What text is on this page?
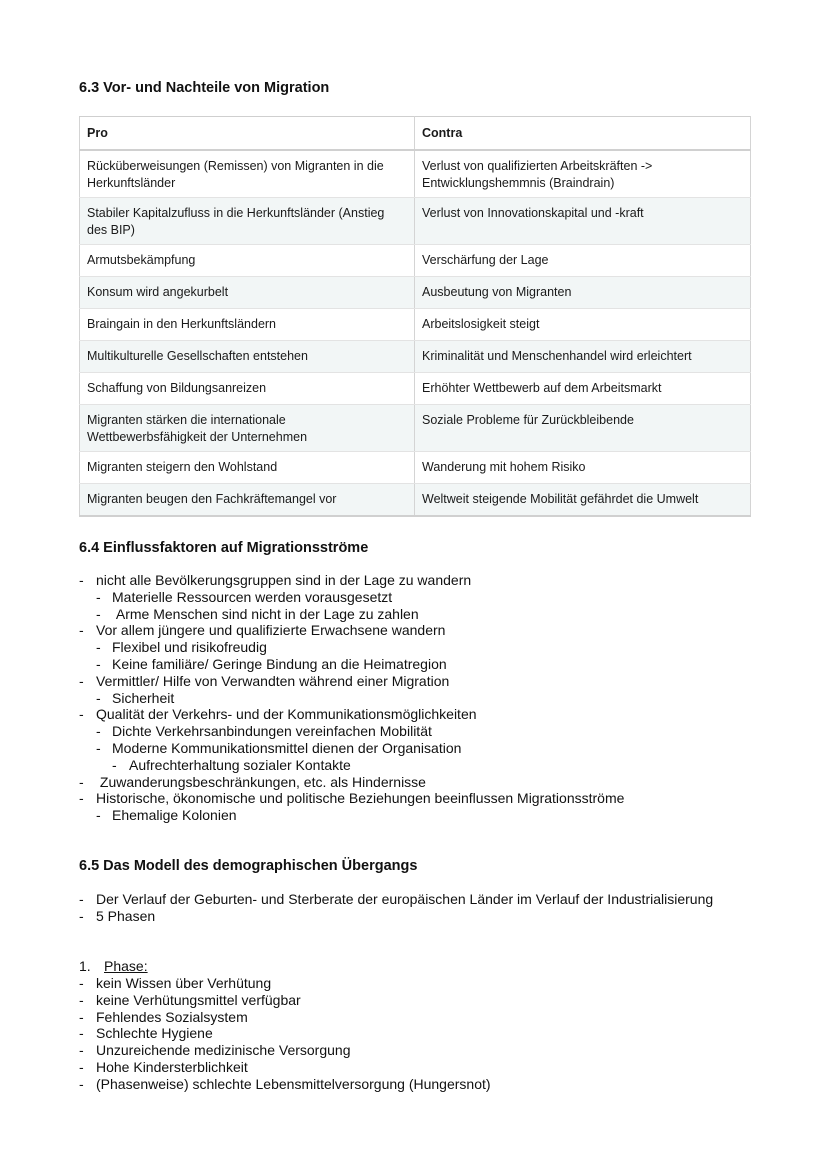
6.3 Vor- und Nachteile von Migration
Pro	Contra
Rücküberweisungen (Remissen) von Migranten in die Herkunftsländer	Verlust von qualifizierten Arbeitskräften -> Entwicklungshemmnis (Braindrain)
Stabiler Kapitalzufluss in die Herkunftsländer (Anstieg des BIP)	Verlust von Innovationskapital und -kraft
Armutsbekämpfung	Verschärfung der Lage
Konsum wird angekurbelt	Ausbeutung von Migranten
Braingain in den Herkunftsländern	Arbeitslosigkeit steigt
Multikulturelle Gesellschaften entstehen	Kriminalität und Menschenhandel wird erleichtert
Schaffung von Bildungsanreizen	Erhöhter Wettbewerb auf dem Arbeitsmarkt
Migranten stärken die internationale Wettbewerbsfähigkeit der Unternehmen	Soziale Probleme für Zurückbleibende
Migranten steigern den Wohlstand	Wanderung mit hohem Risiko
Migranten beugen den Fachkräftemangel vor	Weltweit steigende Mobilität gefährdet die Umwelt
6.4 Einflussfaktoren auf Migrationsströme
- nicht alle Bevölkerungsgruppen sind in der Lage zu wandern
- Materielle Ressourcen werden vorausgesetzt
- Arme Menschen sind nicht in der Lage zu zahlen
- Vor allem jüngere und qualifizierte Erwachsene wandern
- Flexibel und risikofreudig
- Keine familiäre/ Geringe Bindung an die Heimatregion
- Vermittler/ Hilfe von Verwandten während einer Migration
- Sicherheit
- Qualität der Verkehrs- und der Kommunikationsmöglichkeiten
- Dichte Verkehrsanbindungen vereinfachen Mobilität
- Moderne Kommunikationsmittel dienen der Organisation
- Aufrechterhaltung sozialer Kontakte
- Zuwanderungsbeschränkungen, etc. als Hindernisse
- Historische, ökonomische und politische Beziehungen beeinflussen Migrationsströme
- Ehemalige Kolonien
6.5 Das Modell des demographischen Übergangs
- Der Verlauf der Geburten- und Sterberate der europäischen Länder im Verlauf der Industrialisierung
- 5 Phasen
1. Phase:
- kein Wissen über Verhütung
- keine Verhütungsmittel verfügbar
- Fehlendes Sozialsystem
- Schlechte Hygiene
- Unzureichende medizinische Versorgung
- Hohe Kindersterblichkeit
- (Phasenweise) schlechte Lebensmittelversorgung (Hungersnot)
